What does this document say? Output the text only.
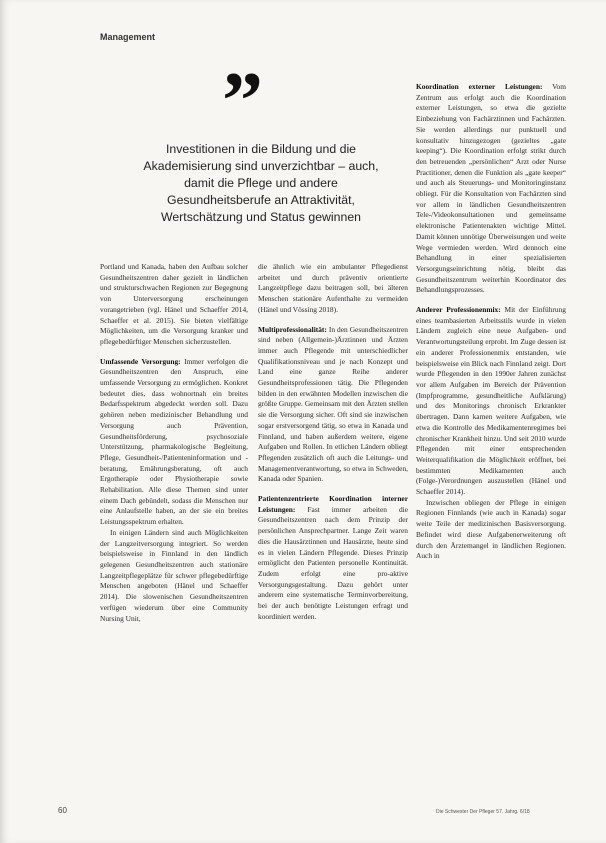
Management
”
Investitionen in die Bildung und die Akademisierung sind unverzichtbar – auch, damit die Pflege und andere Gesundheitsberufe an Attraktivität, Wertschätzung und Status gewinnen

Portland und Kanada, haben den Aufbau solcher Gesundheitszentren daher gezielt in ländlichen und strukturschwachen Regionen zur Begegnung von Unterversorgung erscheinungen vorangetrieben (vgl. Hänel und Schaeffer 2014, Schaeffer et al. 2015). Sie bieten vielfältige Möglichkeiten, um die Versorgung kranker und pflegebedürftiger Menschen sicherzustellen.

Umfassende Versorgung: Immer verfolgen die Gesundheitszentren den Anspruch, eine umfassende Versorgung zu ermöglichen. Konkret bedeutet dies, dass wohnortnah ein breites Bedarfsspektrum abgedeckt werden soll. Dazu gehören neben medizinischer Behandlung und Versorgung auch Prävention, Gesundheitsförderung, psychosoziale Unterstützung, pharmakologische Begleitung, Pflege, Gesundheit-/Patienteninformation und -beratung, Ernährungsberatung, oft auch Ergotherapie oder Physiotherapie sowie Rehabilitation. Alle diese Themen sind unter einem Dach gebündelt, sodass die Menschen nur eine Anlaufstelle haben, an der sie ein breites Leistungsspektrum erhalten.

In einigen Ländern sind auch Möglichkeiten der Langzeitversorgung integriert. So werden beispielsweise in Finnland in den ländlich gelegenen Gesundheitszentren auch stationäre Langzeitpflegeplätze für schwer pflegebedürftige Menschen angeboten (Hänel und Schaeffer 2014). Die slowenischen Gesundheitszentren verfügen wiederum über eine Community Nursing Unit,

die ähnlich wie ein ambulanter Pflegedienst arbeitet und durch präventiv orientierte Langzeitpflege dazu beitragen soll, bei älteren Menschen stationäre Aufenthalte zu vermeiden (Hänel und Vössing 2018).

Multiprofessionalität: In den Gesundheitszentren sind neben (Allgemein-)Ärztinnen und Ärzten immer auch Pflegende mit unterschiedlicher Qualifikationsniveau und je nach Konzept und Land eine ganze Reihe anderer Gesundheitsprofessionen tätig. Die Pflegenden bilden in den erwähnten Modellen inzwischen die größte Gruppe. Gemeinsam mit den Ärzten stellen sie die Versorgung sicher. Oft sind sie inzwischen sogar erstversorgend tätig, so etwa in Kanada und Finnland, und haben außerdem weitere, eigene Aufgaben und Rollen. In etlichen Ländern obliegt Pflegenden zusätzlich oft auch die Leitungs- und Managementverantwortung, so etwa in Schweden, Kanada oder Spanien.

Patientenzentrierte Koordination interner Leistungen: Fast immer arbeiten die Gesundheitszentren nach dem Prinzip der persönlichen Ansprechpartner. Lange Zeit waren dies die Hausärztinnen und Hausärzte, heute sind es in vielen Ländern Pflegende. Dieses Prinzip ermöglicht den Patienten personelle Kontinuität. Zudem erfolgt eine pro-aktive Versorgungsgestaltung. Dazu gehört unter anderem eine systematische Terminvorbereitung, bei der auch benötigte Leistungen erfragt und koordiniert werden.

Koordination externer Leistungen: Vom Zentrum aus erfolgt auch die Koordination externer Leistungen, so etwa die gezielte Einbeziehung von Fachärztinnen und Fachärzten. Sie werden allerdings nur punktuell und konsultativ hinzugezogen (gezieltes „gate keeping“). Die Koordination erfolgt strikt durch den betreuenden „persönlichen“ Arzt oder Nurse Practitioner, denen die Funktion als „gate keeper“ und auch als Steuerungs- und Monitoringinstanz obliegt. Für die Konsultation von Fachärzten sind vor allem in ländlichen Gesundheitszentren Tele-/Videokonsultationen und gemeinsame elektronische Patientenakten wichtige Mittel. Damit können unnötige Überweisungen und weite Wege vermieden werden. Wird dennoch eine Behandlung in einer spezialisierten Versorgungseinrichtung nötig, bleibt das Gesundheitszentrum weiterhin Koordinator des Behandlungsprozesses.

Anderer Professionenmix: Mit der Einführung eines teambasierten Arbeitsstils wurde in vielen Ländern zugleich eine neue Aufgaben- und Verantwortungsteilung erprobt. Im Zuge dessen ist ein anderer Professionenmix entstanden, wie beispielsweise ein Blick nach Finnland zeigt. Dort wurde Pflegenden in den 1990er Jahren zunächst vor allem Aufgaben im Bereich der Prävention (Impfprogramme, gesundheitliche Aufklärung) und des Monitorings chronisch Erkrankter übertragen. Dann kamen weitere Aufgaben, wie etwa die Kontrolle des Medikamentenregimes bei chronischer Krankheit hinzu. Und seit 2010 wurde Pflegenden mit einer entsprechenden Weiterqualifikation die Möglichkeit eröffnet, bei bestimmten Medikamenten auch (Folge-)Verordnungen auszustellen (Hänel und Schaeffer 2014).

Inzwischen obliegen der Pflege in einigen Regionen Finnlands (wie auch in Kanada) sogar weite Teile der medizinischen Basisversorgung. Befindet wird diese Aufgabenerweiterung oft durch den Ärztemangel in ländlichen Regionen. Auch in

60	Die Schwester Der Pfleger 57. Jahrg. 6/18
